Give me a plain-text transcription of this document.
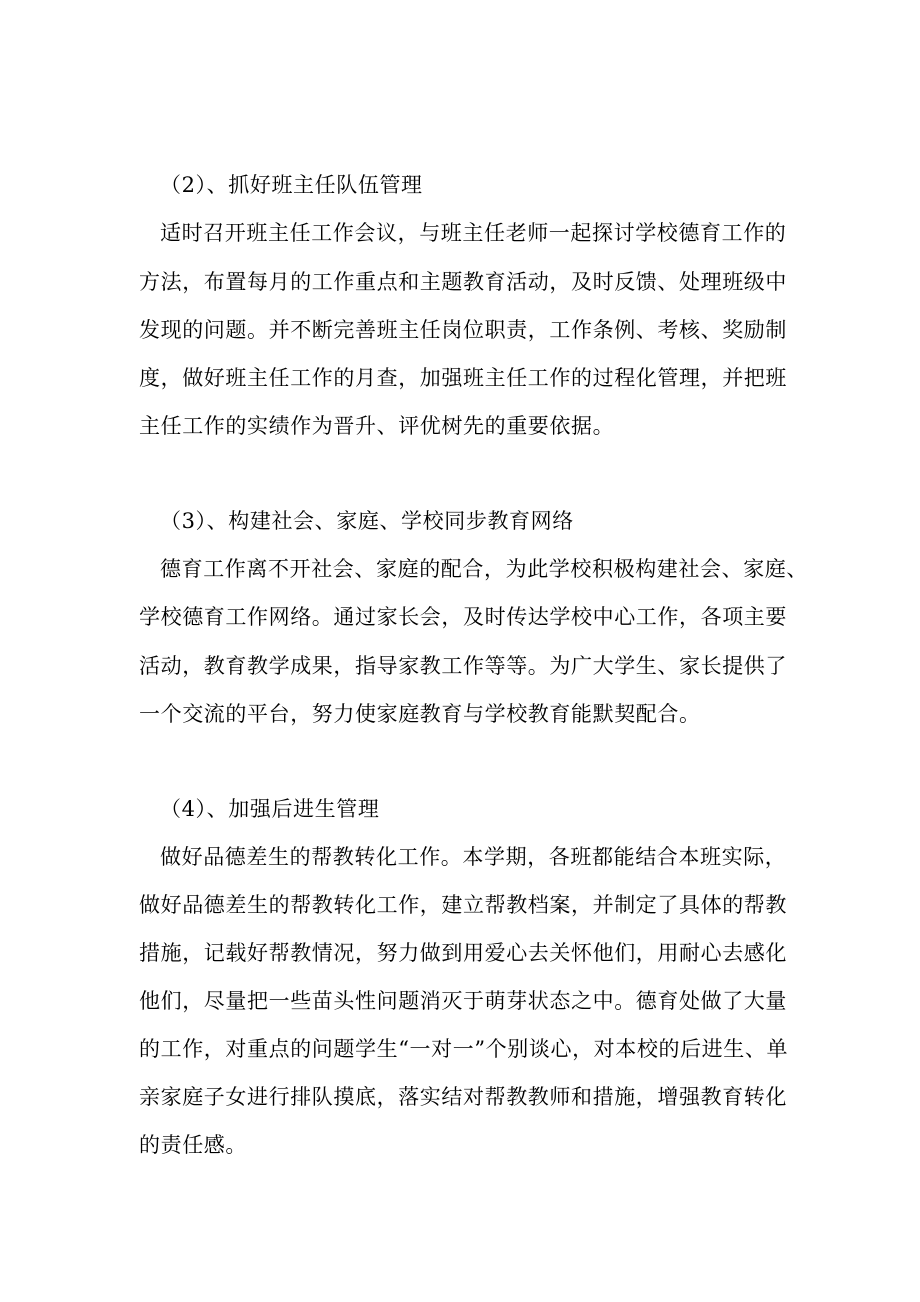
（2）、抓好班主任队伍管理
适时召开班主任工作会议，与班主任老师一起探讨学校德育工作的
方法，布置每月的工作重点和主题教育活动，及时反馈、处理班级中
发现的问题。并不断完善班主任岗位职责，工作条例、考核、奖励制
度，做好班主任工作的月查，加强班主任工作的过程化管理，并把班
主任工作的实绩作为晋升、评优树先的重要依据。
（3）、构建社会、家庭、学校同步教育网络
德育工作离不开社会、家庭的配合，为此学校积极构建社会、家庭、
学校德育工作网络。通过家长会，及时传达学校中心工作，各项主要
活动，教育教学成果，指导家教工作等等。为广大学生、家长提供了
一个交流的平台，努力使家庭教育与学校教育能默契配合。
（4）、加强后进生管理
做好品德差生的帮教转化工作。本学期，各班都能结合本班实际，
做好品德差生的帮教转化工作，建立帮教档案，并制定了具体的帮教
措施，记载好帮教情况，努力做到用爱心去关怀他们，用耐心去感化
他们，尽量把一些苗头性问题消灭于萌芽状态之中。德育处做了大量
的工作，对重点的问题学生“一对一”个别谈心，对本校的后进生、单
亲家庭子女进行排队摸底，落实结对帮教教师和措施，增强教育转化
的责任感。
